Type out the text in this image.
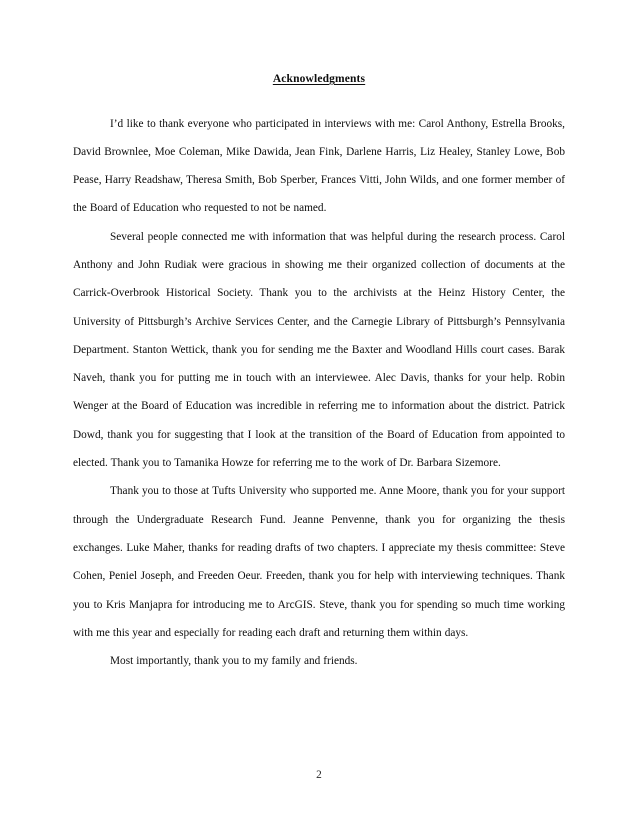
Acknowledgments

I’d like to thank everyone who participated in interviews with me: Carol Anthony, Estrella Brooks, David Brownlee, Moe Coleman, Mike Dawida, Jean Fink, Darlene Harris, Liz Healey, Stanley Lowe, Bob Pease, Harry Readshaw, Theresa Smith, Bob Sperber, Frances Vitti, John Wilds, and one former member of the Board of Education who requested to not be named.

Several people connected me with information that was helpful during the research process. Carol Anthony and John Rudiak were gracious in showing me their organized collection of documents at the Carrick-Overbrook Historical Society. Thank you to the archivists at the Heinz History Center, the University of Pittsburgh’s Archive Services Center, and the Carnegie Library of Pittsburgh’s Pennsylvania Department. Stanton Wettick, thank you for sending me the Baxter and Woodland Hills court cases. Barak Naveh, thank you for putting me in touch with an interviewee. Alec Davis, thanks for your help. Robin Wenger at the Board of Education was incredible in referring me to information about the district. Patrick Dowd, thank you for suggesting that I look at the transition of the Board of Education from appointed to elected. Thank you to Tamanika Howze for referring me to the work of Dr. Barbara Sizemore.

Thank you to those at Tufts University who supported me. Anne Moore, thank you for your support through the Undergraduate Research Fund. Jeanne Penvenne, thank you for organizing the thesis exchanges. Luke Maher, thanks for reading drafts of two chapters. I appreciate my thesis committee: Steve Cohen, Peniel Joseph, and Freeden Oeur. Freeden, thank you for help with interviewing techniques. Thank you to Kris Manjapra for introducing me to ArcGIS. Steve, thank you for spending so much time working with me this year and especially for reading each draft and returning them within days.

Most importantly, thank you to my family and friends.

2
